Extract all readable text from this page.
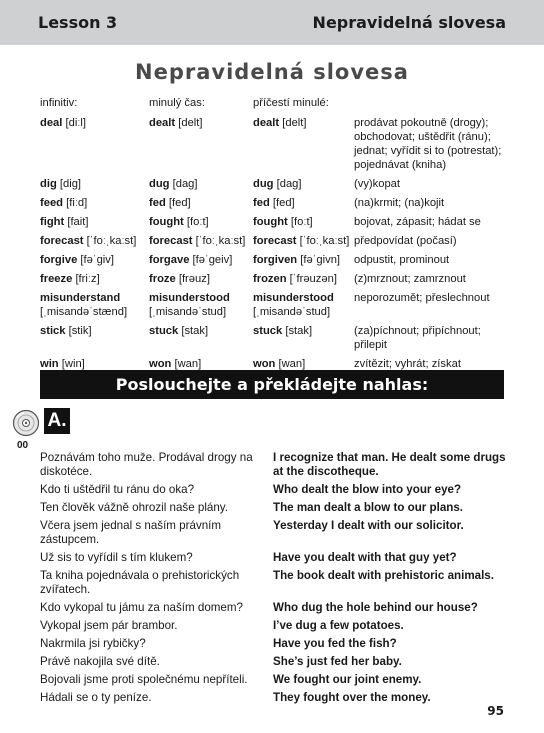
Lesson 3	Nepravidelná slovesa
Nepravidelná slovesa
infinitiv:	minulý čas:	příčestí minulé:	
deal [diːl]	dealt [delt]	dealt [delt]	prodávat pokoutně (drogy); obchodovat; uštědřit (ránu); jednat; vyřídit si to (potrestat); pojednávat (kniha)
dig [dig]	dug [dag]	dug [dag]	(vy)kopat
feed [fiːd]	fed [fed]	fed [fed]	(na)krmit; (na)kojit
fight [fait]	fought [foːt]	fought [foːt]	bojovat, zápasit; hádat se
forecast [ˈfoːˌkaːst]	forecast [ˈfoːˌkaːst]	forecast [ˈfoːˌkaːst]	předpovídat (počasí)
forgive [fəˈgiv]	forgave [fəˈgeiv]	forgiven [fəˈgivn]	odpustit, prominout
freeze [friːz]	froze [frəuz]	frozen [ˈfrəuzən]	(z)mrznout; zamrznout
misunderstand [ˌmisandəˈstænd]	misunderstood [ˌmisandəˈstud]	misunderstood [ˌmisandəˈstud]	neporozumět; přeslechnout
stick [stik]	stuck [stak]	stuck [stak]	(za)píchnout; připíchnout; přilepit
win [win]	won [wan]	won [wan]	zvítězit; vyhrát; získat
Poslouchejte a překládejte nahlas:
00
A.
Poznávám toho muže. Prodával drogy na diskotéce.	I recognize that man. He dealt some drugs at the discotheque.
Kdo ti uštědřil tu ránu do oka?	Who dealt the blow into your eye?
Ten člověk vážně ohrozil naše plány.	The man dealt a blow to our plans.
Včera jsem jednal s naším právním zástupcem.	Yesterday I dealt with our solicitor.
Už sis to vyřídil s tím klukem?	Have you dealt with that guy yet?
Ta kniha pojednávala o prehistorických zvířatech.	The book dealt with prehistoric animals.
Kdo vykopal tu jámu za naším domem?	Who dug the hole behind our house?
Vykopal jsem pár brambor.	I’ve dug a few potatoes.
Nakrmila jsi rybičky?	Have you fed the fish?
Právě nakojila své dítě.	She’s just fed her baby.
Bojovali jsme proti společnému nepříteli.	We fought our joint enemy.
Hádali se o ty peníze.	They fought over the money.
95
